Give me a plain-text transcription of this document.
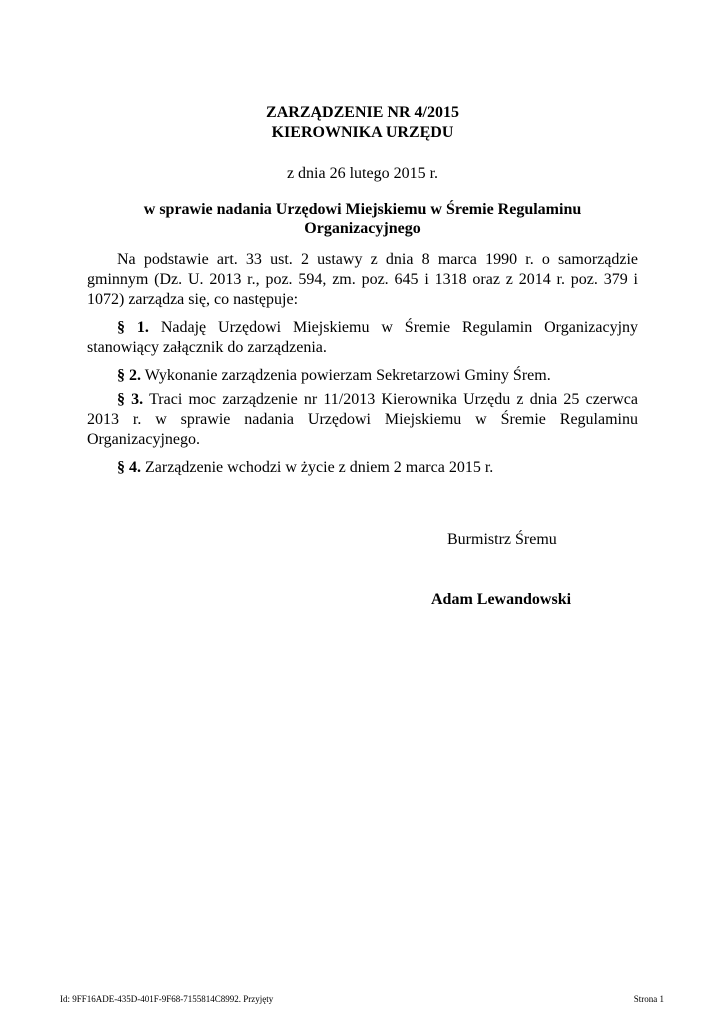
ZARZĄDZENIE NR 4/2015
KIEROWNIKA URZĘDU
z dnia 26 lutego 2015 r.
w sprawie nadania Urzędowi Miejskiemu w Śremie Regulaminu
Organizacyjnego
Na podstawie art. 33 ust. 2 ustawy z dnia 8 marca 1990 r. o samorządzie gminnym (Dz. U. 2013 r., poz. 594, zm. poz. 645 i 1318 oraz z 2014 r. poz. 379 i 1072) zarządza się, co następuje:
§ 1. Nadaję Urzędowi Miejskiemu w Śremie Regulamin Organizacyjny stanowiący załącznik do zarządzenia.
§ 2. Wykonanie zarządzenia powierzam Sekretarzowi Gminy Śrem.
§ 3. Traci moc zarządzenie nr 11/2013 Kierownika Urzędu z dnia 25 czerwca 2013 r. w sprawie nadania Urzędowi Miejskiemu w Śremie Regulaminu Organizacyjnego.
§ 4. Zarządzenie wchodzi w życie z dniem 2 marca 2015 r.
Burmistrz Śremu
Adam Lewandowski
Id: 9FF16ADE-435D-401F-9F68-7155814C8992. Przyjęty	Strona 1
